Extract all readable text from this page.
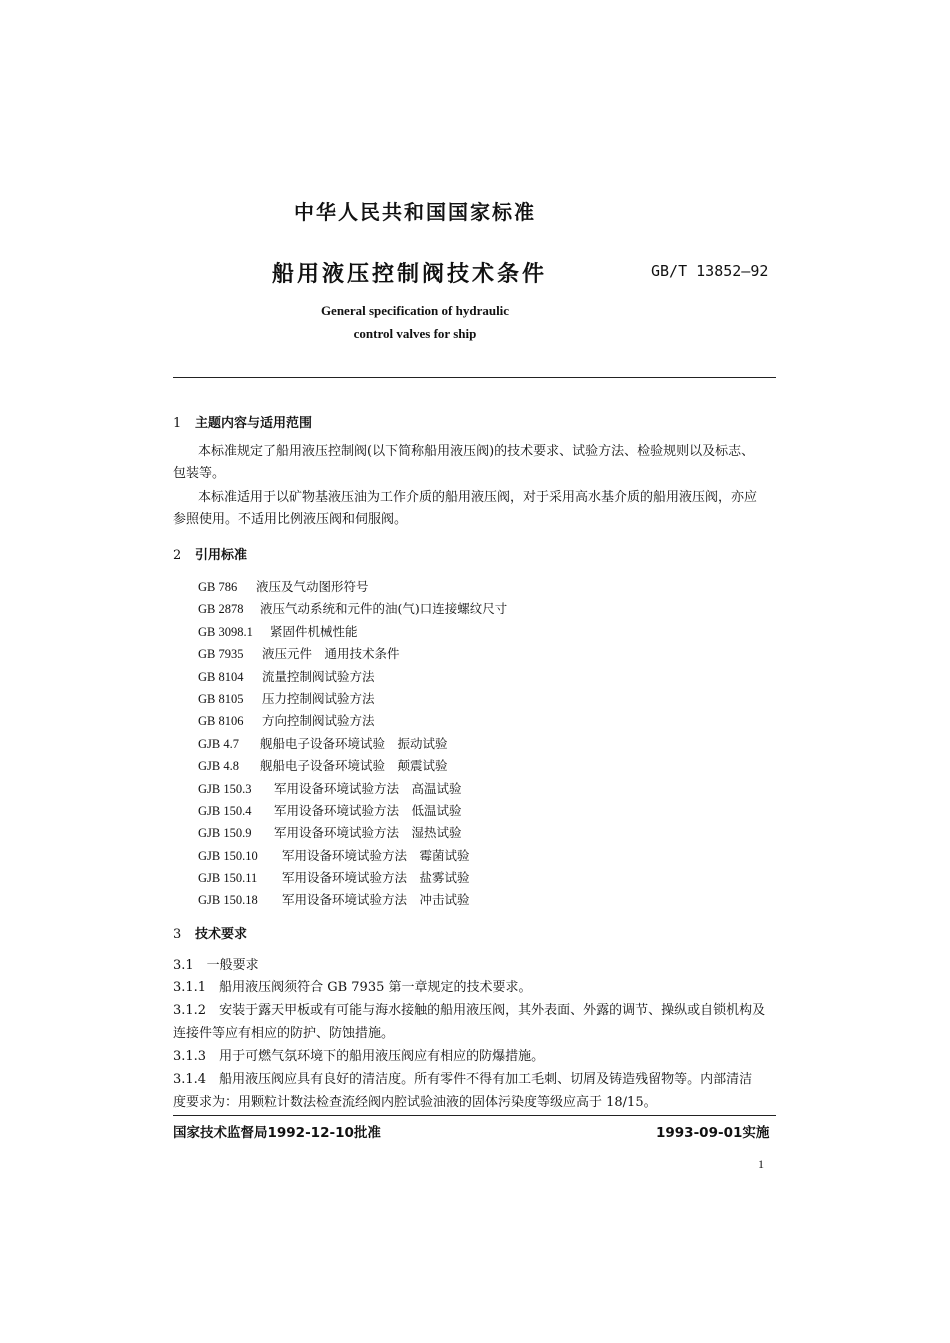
中华人民共和国国家标准
船用液压控制阀技术条件	GB/T 13852—92
General specification of hydraulic
control valves for ship
1 主题内容与适用范围
本标准规定了船用液压控制阀(以下简称船用液压阀)的技术要求、试验方法、检验规则以及标志、
包装等。
本标准适用于以矿物基液压油为工作介质的船用液压阀，对于采用高水基介质的船用液压阀，亦应
参照使用。不适用比例液压阀和伺服阀。
2 引用标准
GB 786 液压及气动图形符号
GB 2878 液压气动系统和元件的油(气)口连接螺纹尺寸
GB 3098.1 紧固件机械性能
GB 7935 液压元件　通用技术条件
GB 8104 流量控制阀试验方法
GB 8105 压力控制阀试验方法
GB 8106 方向控制阀试验方法
GJB 4.7 舰船电子设备环境试验　振动试验
GJB 4.8 舰船电子设备环境试验　颠震试验
GJB 150.3 军用设备环境试验方法　高温试验
GJB 150.4 军用设备环境试验方法　低温试验
GJB 150.9 军用设备环境试验方法　湿热试验
GJB 150.10 军用设备环境试验方法　霉菌试验
GJB 150.11 军用设备环境试验方法　盐雾试验
GJB 150.18 军用设备环境试验方法　冲击试验
3 技术要求
3.1　一般要求
3.1.1　船用液压阀须符合 GB 7935 第一章规定的技术要求。
3.1.2　安装于露天甲板或有可能与海水接触的船用液压阀，其外表面、外露的调节、操纵或自锁机构及
连接件等应有相应的防护、防蚀措施。
3.1.3　用于可燃气氛环境下的船用液压阀应有相应的防爆措施。
3.1.4　船用液压阀应具有良好的清洁度。所有零件不得有加工毛刺、切屑及铸造残留物等。内部清洁
度要求为：用颗粒计数法检查流经阀内腔试验油液的固体污染度等级应高于 18/15。
国家技术监督局1992-12-10批准	1993-09-01实施
1
